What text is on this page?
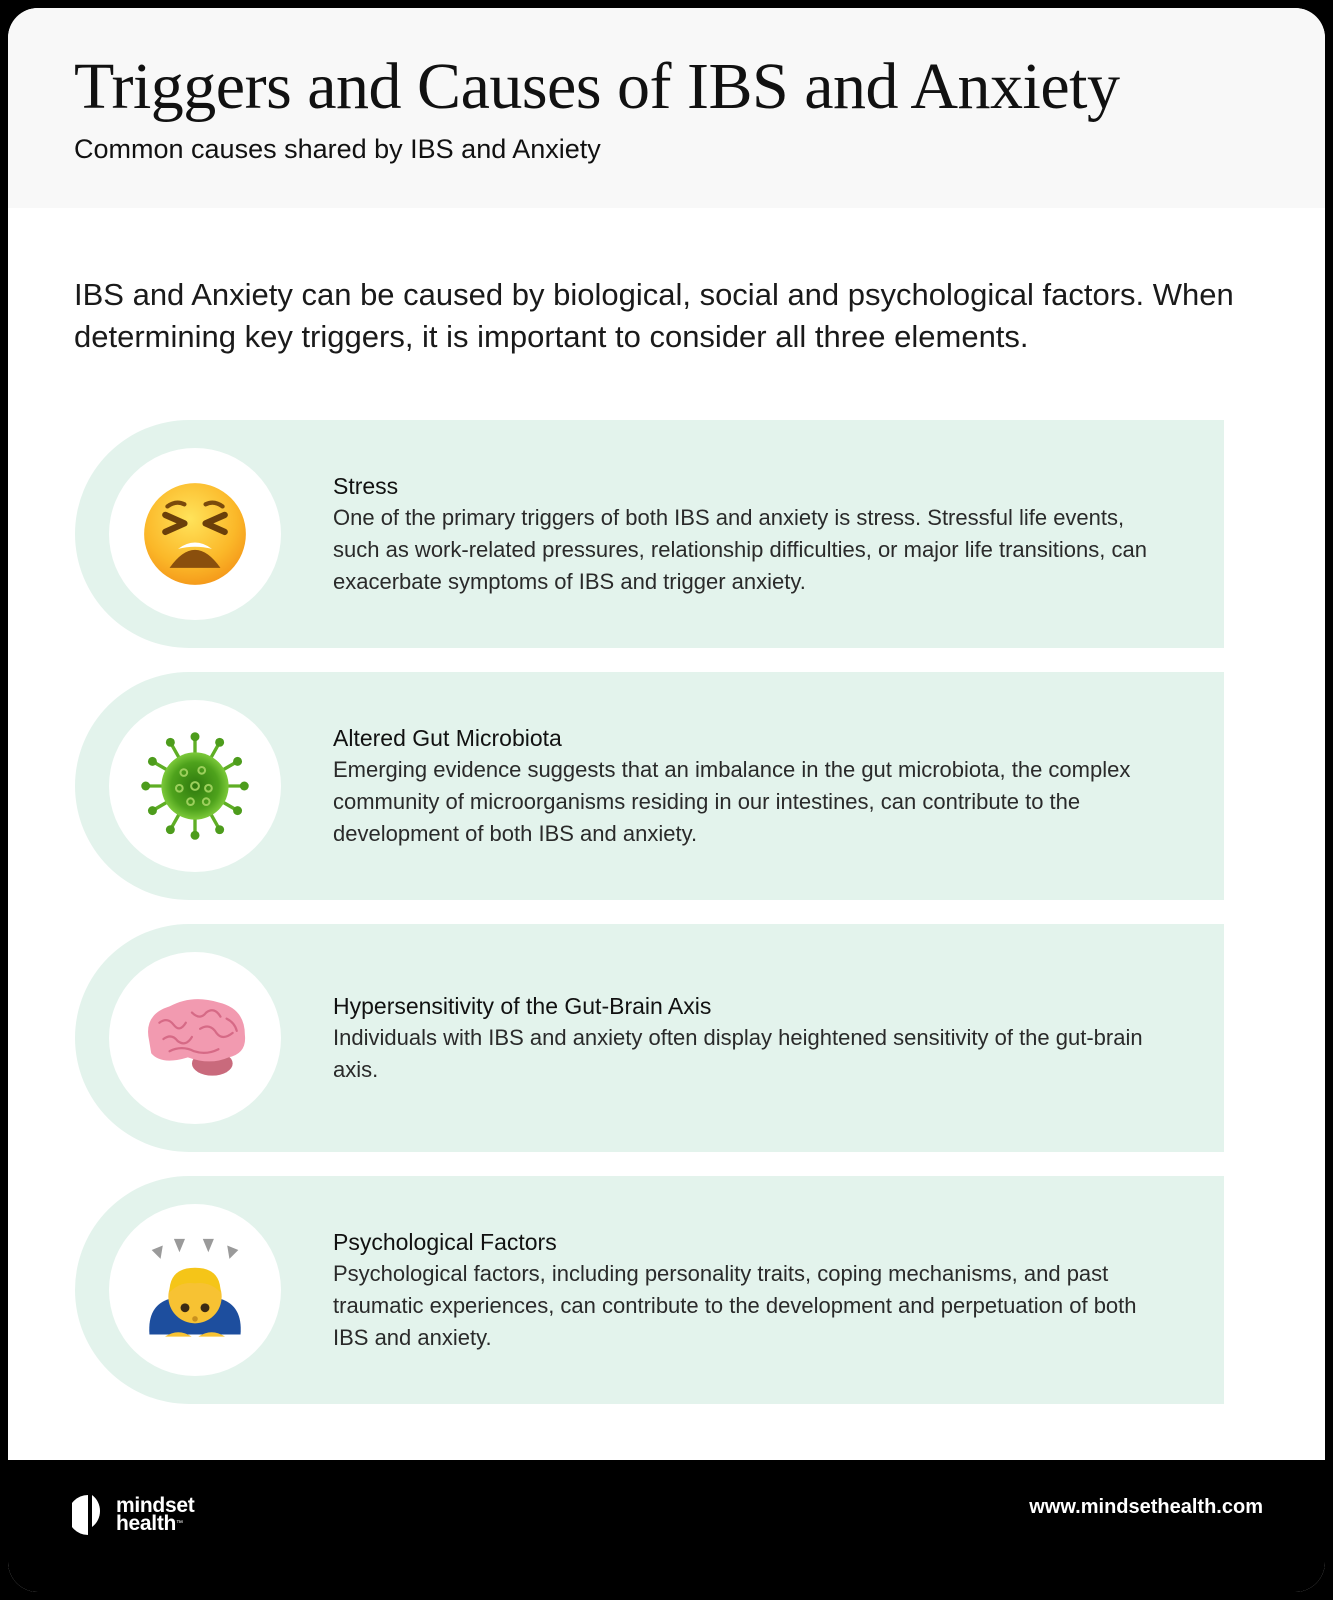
Triggers and Causes of IBS and Anxiety

Common causes shared by IBS and Anxiety

IBS and Anxiety can be caused by biological, social and psychological factors. When determining key triggers, it is important to consider all three elements.

Stress

One of the primary triggers of both IBS and anxiety is stress. Stressful life events, such as work-related pressures, relationship difficulties, or major life transitions, can exacerbate symptoms of IBS and trigger anxiety.

Altered Gut Microbiota

Emerging evidence suggests that an imbalance in the gut microbiota, the complex community of microorganisms residing in our intestines, can contribute to the development of both IBS and anxiety.

Hypersensitivity of the Gut-Brain Axis

Individuals with IBS and anxiety often display heightened sensitivity of the gut-brain axis.

Psychological Factors

Psychological factors, including personality traits, coping mechanisms, and past traumatic experiences, can contribute to the development and perpetuation of both IBS and anxiety.

mindset
health™
www.mindsethealth.com
